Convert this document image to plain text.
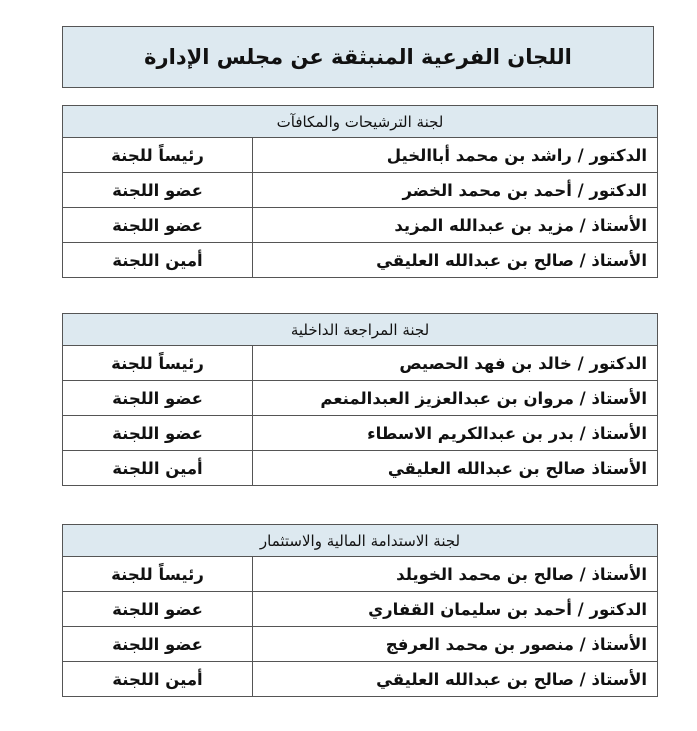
اللجان الفرعية المنبثقة عن مجلس الإدارة
لجنة الترشيحات والمكافآت	
الدكتور / راشد بن محمد أباالخيل	رئيساً للجنة
الدكتور / أحمد بن محمد الخضر	عضو اللجنة
الأستاذ / مزيد بن عبدالله المزيد	عضو اللجنة
الأستاذ / صالح بن عبدالله العليقي	أمين اللجنة
لجنة المراجعة الداخلية	
الدكتور / خالد بن فهد الحصيص	رئيساً للجنة
الأستاذ / مروان بن عبدالعزيز العبدالمنعم	عضو اللجنة
الأستاذ / بدر بن عبدالكريم الاسطاء	عضو اللجنة
الأستاذ صالح بن عبدالله العليقي	أمين اللجنة
لجنة الاستدامة المالية والاستثمار	
الأستاذ / صالح بن محمد الخويلد	رئيساً للجنة
الدكتور / أحمد بن سليمان القفاري	عضو اللجنة
الأستاذ / منصور بن محمد العرفج	عضو اللجنة
الأستاذ / صالح بن عبدالله العليقي	أمين اللجنة
